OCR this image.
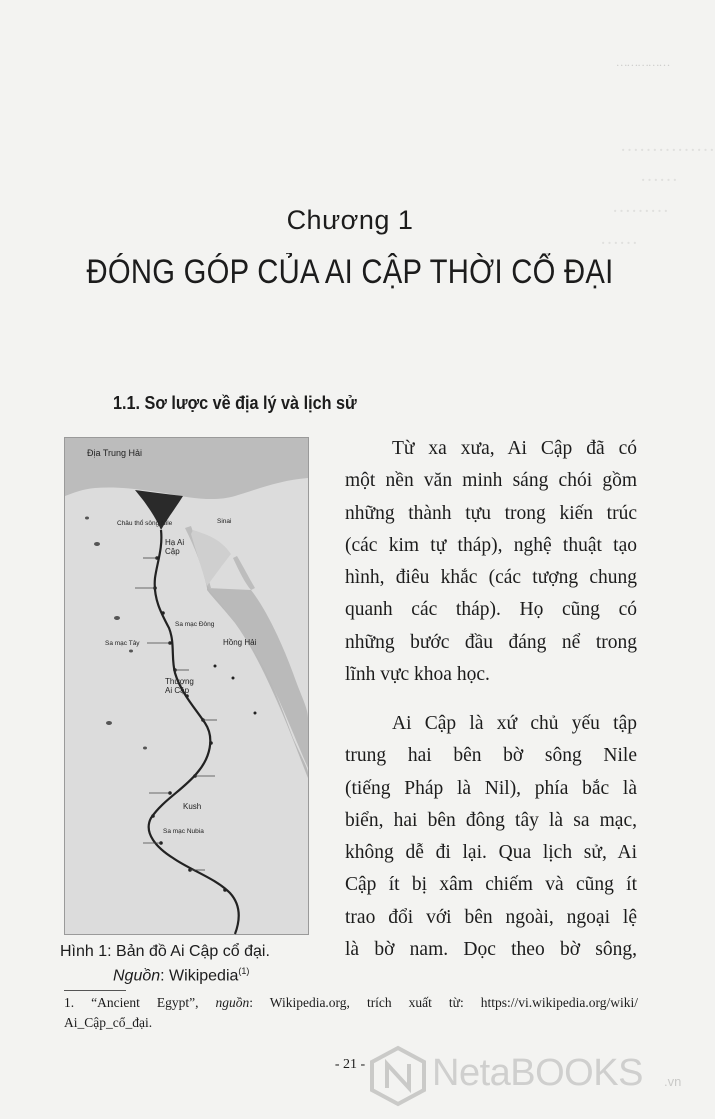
……………
……
………
……
……………
Chương 1
ĐÓNG GÓP CỦA AI CẬP THỜI CỔ ĐẠI
1.1. Sơ lược về địa lý và lịch sử
Địa Trung Hải
Châu thổ sông Nile
Hạ Ai Cập
Sinai
Sa mạc Đông
Sa mạc Tây	Hồng Hải
Thượng Ai Cập
Kush
Sa mạc Nubia
Hình 1: Bản đồ Ai Cập cổ đại.
Nguồn: Wikipedia$^{(1)}$
Từ xa xưa, Ai Cập đã có
một nền văn minh sáng chói gồm
những thành tựu trong kiến trúc
(các kim tự tháp), nghệ thuật tạo
hình, điêu khắc (các tượng chung
quanh các tháp). Họ cũng có
những bước đầu đáng nể trong
lĩnh vực khoa học.
Ai Cập là xứ chủ yếu tập
trung hai bên bờ sông Nile
(tiếng Pháp là Nil), phía bắc là
biển, hai bên đông tây là sa mạc,
không dễ đi lại. Qua lịch sử, Ai
Cập ít bị xâm chiếm và cũng ít
trao đổi với bên ngoài, ngoại lệ
là bờ nam. Dọc theo bờ sông,
1. “Ancient Egypt”, nguồn: Wikipedia.org, trích xuất từ: https://vi.wikipedia.org/wiki/
Ai_Cập_cổ_đại.
- 21 -	NetaBOOKS .vn
